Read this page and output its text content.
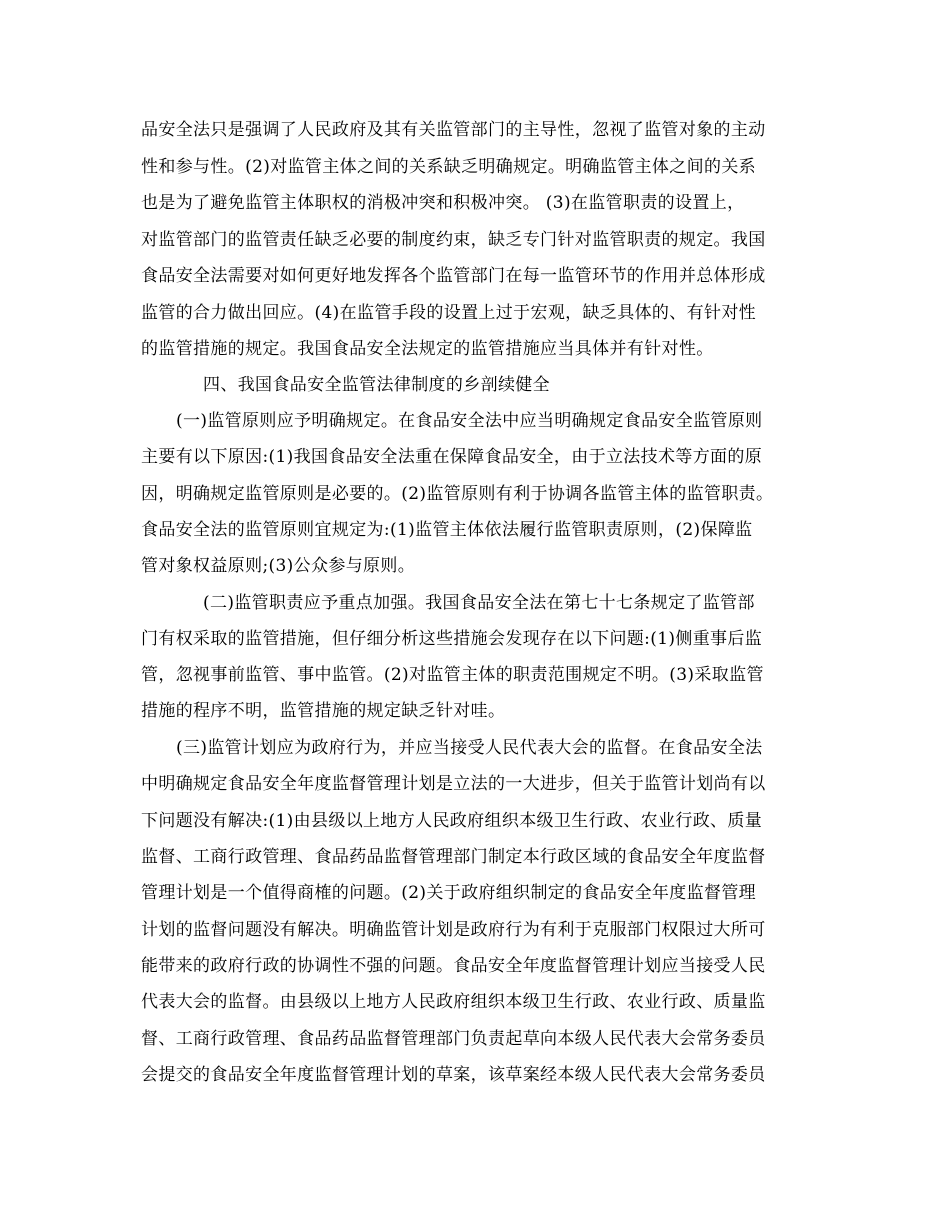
品安全法只是强调了人民政府及其有关监管部门的主导性，忽视了监管对象的主动
性和参与性。(2)对监管主体之间的关系缺乏明确规定。明确监管主体之间的关系
也是为了避免监管主体职权的消极冲突和积极冲突。 (3)在监管职责的设置上，
对监管部门的监管责任缺乏必要的制度约束，缺乏专门针对监管职责的规定。我国
食品安全法需要对如何更好地发挥各个监管部门在每一监管环节的作用并总体形成
监管的合力做出回应。(4)在监管手段的设置上过于宏观，缺乏具体的、有针对性
的监管措施的规定。我国食品安全法规定的监管措施应当具体并有针对性。
四、我国食品安全监管法律制度的乡剖续健全
(一)监管原则应予明确规定。在食品安全法中应当明确规定食品安全监管原则
主要有以下原因:(1)我国食品安全法重在保障食品安全，由于立法技术等方面的原
因，明确规定监管原则是必要的。(2)监管原则有利于协调各监管主体的监管职责。
食品安全法的监管原则宜规定为:(1)监管主体依法履行监管职责原则，(2)保障监
管对象权益原则;(3)公众参与原则。
(二)监管职责应予重点加强。我国食品安全法在第七十七条规定了监管部
门有权采取的监管措施，但仔细分析这些措施会发现存在以下问题:(1)侧重事后监
管，忽视事前监管、事中监管。(2)对监管主体的职责范围规定不明。(3)采取监管
措施的程序不明，监管措施的规定缺乏针对哇。
(三)监管计划应为政府行为，并应当接受人民代表大会的监督。在食品安全法
中明确规定食品安全年度监督管理计划是立法的一大进步，但关于监管计划尚有以
下问题没有解决:(1)由县级以上地方人民政府组织本级卫生行政、农业行政、质量
监督、工商行政管理、食品药品监督管理部门制定本行政区域的食品安全年度监督
管理计划是一个值得商榷的问题。(2)关于政府组织制定的食品安全年度监督管理
计划的监督问题没有解决。明确监管计划是政府行为有利于克服部门权限过大所可
能带来的政府行政的协调性不强的问题。食品安全年度监督管理计划应当接受人民
代表大会的监督。由县级以上地方人民政府组织本级卫生行政、农业行政、质量监
督、工商行政管理、食品药品监督管理部门负责起草向本级人民代表大会常务委员
会提交的食品安全年度监督管理计划的草案，该草案经本级人民代表大会常务委员
